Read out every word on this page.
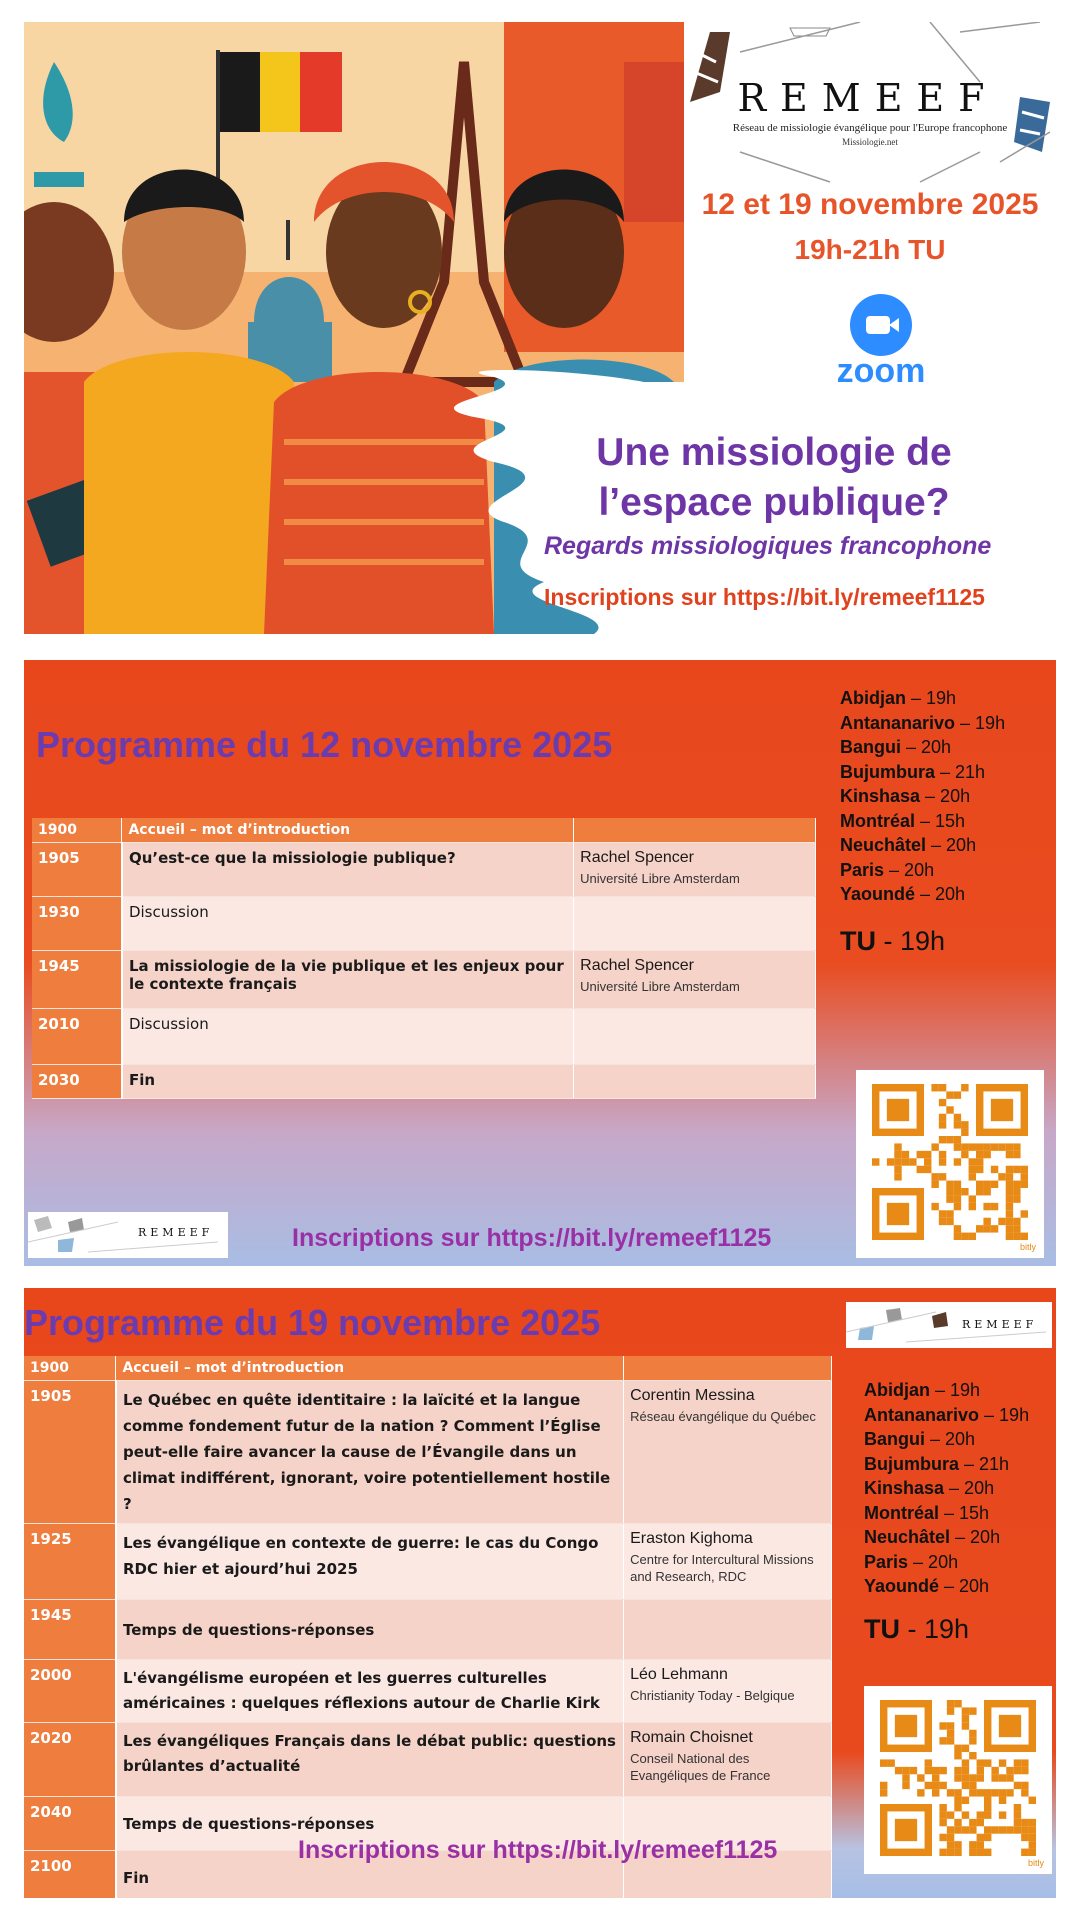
REMEEF
Réseau de missiologie évangélique pour l'Europe francophone
Missiologie.net
12 et 19 novembre 2025
19h-21h TU
zoom
Une missiologie de
l’espace publique?
Regards missiologiques francophone
Inscriptions sur https://bit.ly/remeef1125
Programme du 12 novembre 2025
1900	Accueil – mot d’introduction	
1905	Qu’est-ce que la missiologie publique?	Rachel Spencer
Université Libre Amsterdam

1930	Discussion	
1945	La missiologie de la vie publique et les enjeux pour le contexte français	Rachel Spencer
Université Libre Amsterdam

2010	Discussion	
2030	Fin	
Abidjan – 19h
Antananarivo – 19h
Bangui – 20h
Bujumbura – 21h
Kinshasa – 20h
Montréal – 15h
Neuchâtel – 20h
Paris – 20h
Yaoundé – 20h
TU - 19h
bitly
REMEEF	Inscriptions sur https://bit.ly/remeef1125
Programme du 19 novembre 2025	REMEEF
1900	Accueil – mot d’introduction	
1905	Le Québec en quête identitaire : la laïcité et la langue comme fondement futur de la nation ? Comment l’Église peut-elle faire avancer la cause de l’Évangile dans un climat indifférent, ignorant, voire potentiellement hostile ?	Corentin Messina
Réseau évangélique du Québec

1925	Les évangélique en contexte de guerre: le cas du Congo RDC hier et ajourd’hui 2025	Eraston Kighoma
Centre for Intercultural Missions and Research, RDC

1945	Temps de questions-réponses	
2000	L'évangélisme européen et les guerres culturelles américaines : quelques réflexions autour de Charlie Kirk	Léo Lehmann
Christianity Today - Belgique

2020	Les évangéliques Français dans le débat public: questions brûlantes d’actualité	Romain Choisnet
Conseil National des Evangéliques de France

2040	Temps de questions-réponses	
2100	Fin	
Inscriptions sur https://bit.ly/remeef1125
Abidjan – 19h
Antananarivo – 19h
Bangui – 20h
Bujumbura – 21h
Kinshasa – 20h
Montréal – 15h
Neuchâtel – 20h
Paris – 20h
Yaoundé – 20h
TU - 19h
bitly
